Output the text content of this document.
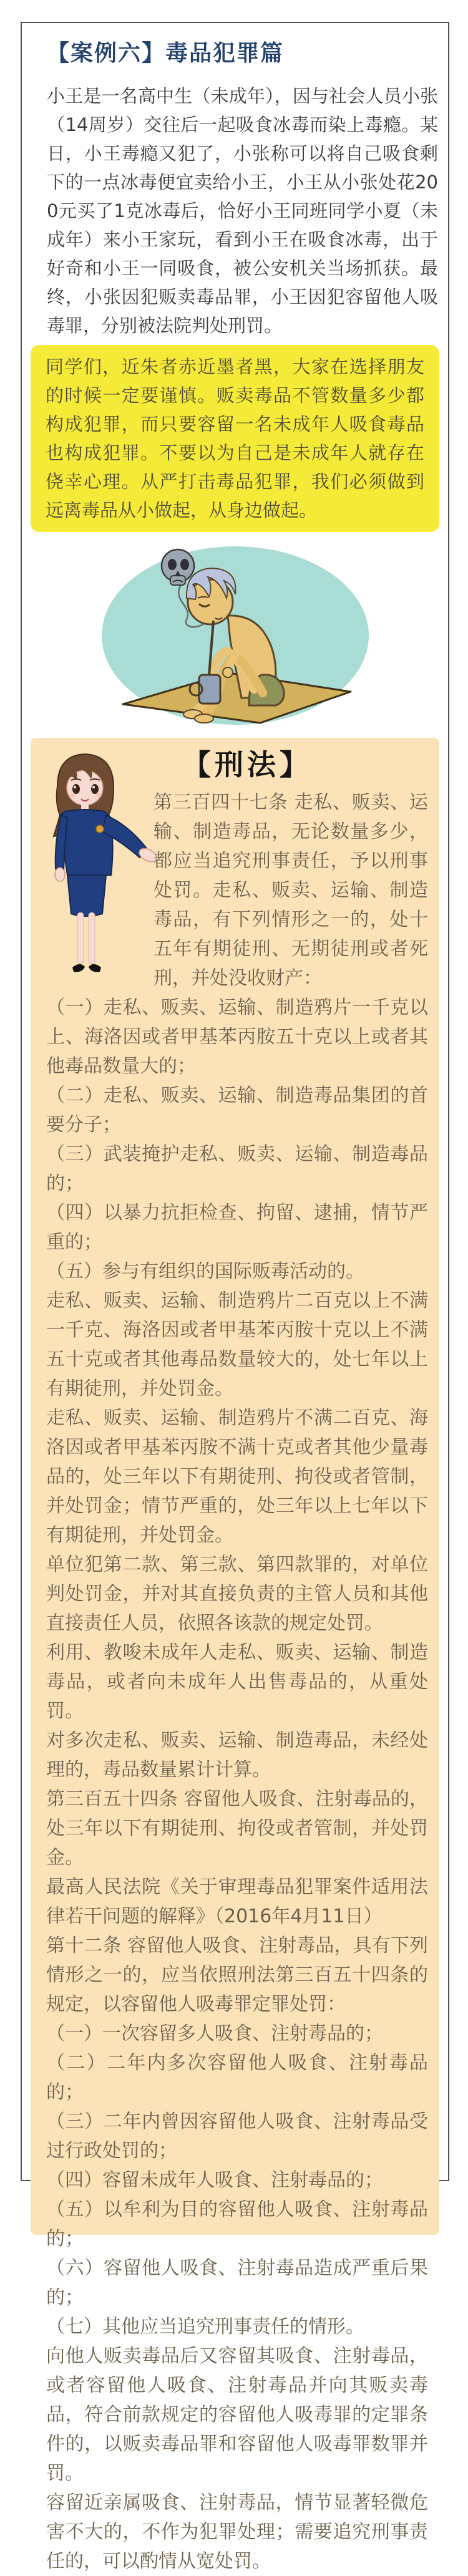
【案例六】毒品犯罪篇

小王是一名高中生（未成年），因与社会人员小张（14周岁）交往后一起吸食冰毒而染上毒瘾。某日，小王毒瘾又犯了，小张称可以将自己吸食剩下的一点冰毒便宜卖给小王，小王从小张处花200元买了1克冰毒后，恰好小王同班同学小夏（未成年）来小王家玩，看到小王在吸食冰毒，出于好奇和小王一同吸食，被公安机关当场抓获。最终，小张因犯贩卖毒品罪，小王因犯容留他人吸毒罪，分别被法院判处刑罚。

同学们，近朱者赤近墨者黑，大家在选择朋友的时候一定要谨慎。贩卖毒品不管数量多少都构成犯罪，而只要容留一名未成年人吸食毒品也构成犯罪。不要以为自己是未成年人就存在侥幸心理。从严打击毒品犯罪，我们必须做到远离毒品从小做起，从身边做起。
【刑法】

第三百四十七条 走私、贩卖、运输、制造毒品，无论数量多少，都应当追究刑事责任，予以刑事处罚。走私、贩卖、运输、制造毒品，有下列情形之一的，处十五年有期徒刑、无期徒刑或者死刑，并处没收财产：

（一）走私、贩卖、运输、制造鸦片一千克以上、海洛因或者甲基苯丙胺五十克以上或者其他毒品数量大的；

（二）走私、贩卖、运输、制造毒品集团的首要分子；

（三）武装掩护走私、贩卖、运输、制造毒品的；

（四）以暴力抗拒检查、拘留、逮捕，情节严重的；

（五）参与有组织的国际贩毒活动的。

走私、贩卖、运输、制造鸦片二百克以上不满一千克、海洛因或者甲基苯丙胺十克以上不满五十克或者其他毒品数量较大的，处七年以上有期徒刑，并处罚金。

走私、贩卖、运输、制造鸦片不满二百克、海洛因或者甲基苯丙胺不满十克或者其他少量毒品的，处三年以下有期徒刑、拘役或者管制，并处罚金；情节严重的，处三年以上七年以下有期徒刑，并处罚金。

单位犯第二款、第三款、第四款罪的，对单位判处罚金，并对其直接负责的主管人员和其他直接责任人员，依照各该款的规定处罚。

利用、教唆未成年人走私、贩卖、运输、制造毒品，或者向未成年人出售毒品的，从重处罚。

对多次走私、贩卖、运输、制造毒品，未经处理的，毒品数量累计计算。

第三百五十四条 容留他人吸食、注射毒品的，处三年以下有期徒刑、拘役或者管制，并处罚金。

最高人民法院《关于审理毒品犯罪案件适用法律若干问题的解释》（2016年4月11日）

第十二条 容留他人吸食、注射毒品，具有下列情形之一的，应当依照刑法第三百五十四条的规定，以容留他人吸毒罪定罪处罚：

（一）一次容留多人吸食、注射毒品的；

（二）二年内多次容留他人吸食、注射毒品的；

（三）二年内曾因容留他人吸食、注射毒品受过行政处罚的；

（四）容留未成年人吸食、注射毒品的；

（五）以牟利为目的容留他人吸食、注射毒品的；

（六）容留他人吸食、注射毒品造成严重后果的；

（七）其他应当追究刑事责任的情形。

向他人贩卖毒品后又容留其吸食、注射毒品，或者容留他人吸食、注射毒品并向其贩卖毒品，符合前款规定的容留他人吸毒罪的定罪条件的，以贩卖毒品罪和容留他人吸毒罪数罪并罚。

容留近亲属吸食、注射毒品，情节显著轻微危害不大的，不作为犯罪处理；需要追究刑事责任的，可以酌情从宽处罚。
